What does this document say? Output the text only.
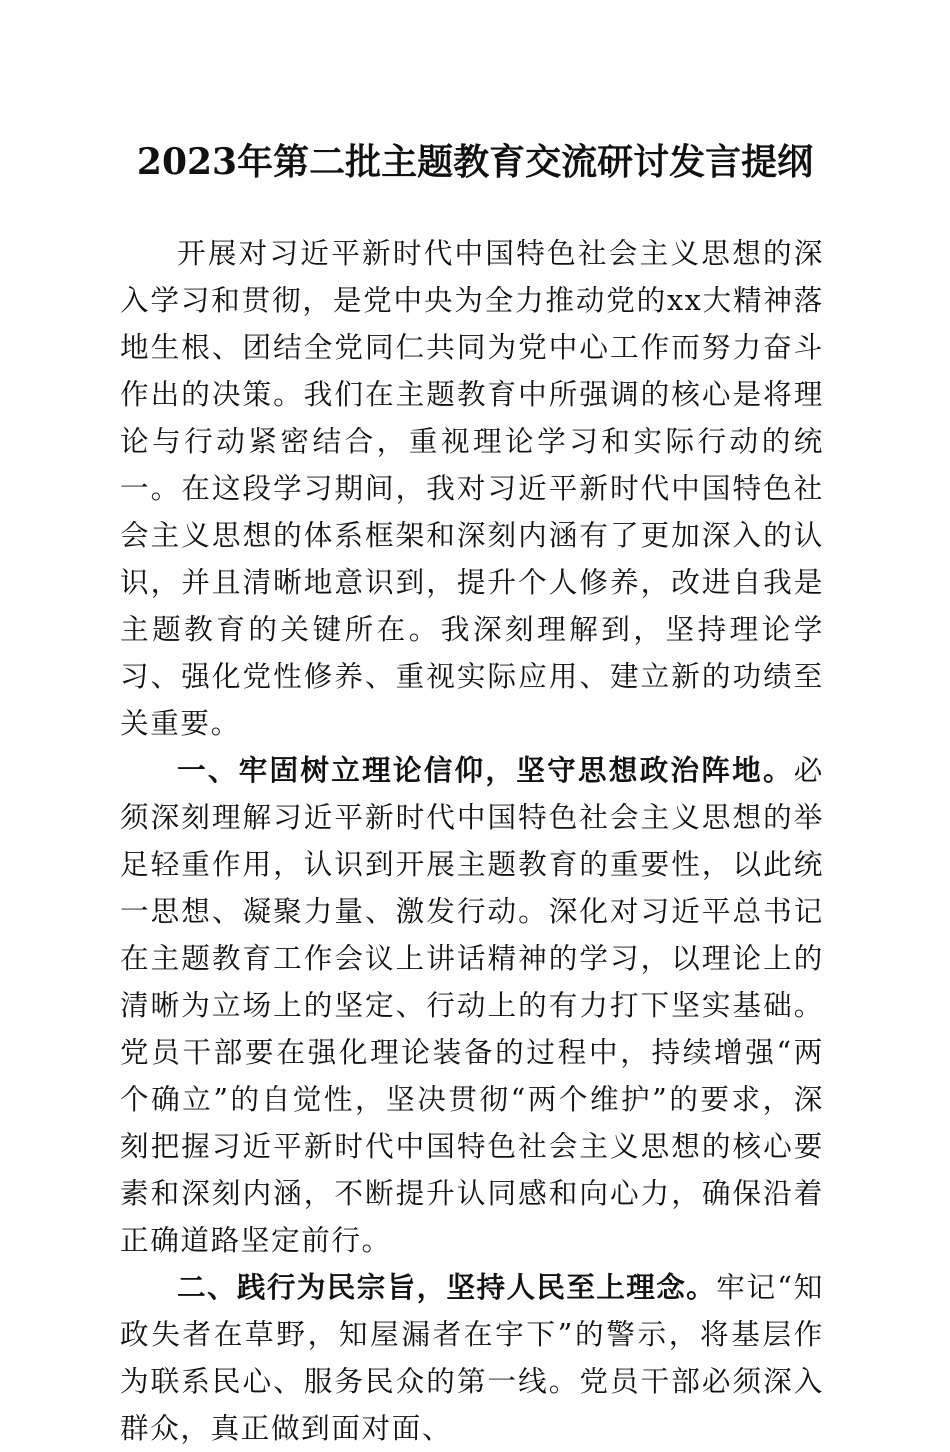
2023年第二批主题教育交流研讨发言提纲

开展对习近平新时代中国特色社会主义思想的深入学习和贯彻，是党中央为全力推动党的xx大精神落地生根、团结全党同仁共同为党中心工作而努力奋斗作出的决策。我们在主题教育中所强调的核心是将理论与行动紧密结合，重视理论学习和实际行动的统一。在这段学习期间，我对习近平新时代中国特色社会主义思想的体系框架和深刻内涵有了更加深入的认识，并且清晰地意识到，提升个人修养，改进自我是主题教育的关键所在。我深刻理解到，坚持理论学习、强化党性修养、重视实际应用、建立新的功绩至关重要。

一、牢固树立理论信仰，坚守思想政治阵地。必须深刻理解习近平新时代中国特色社会主义思想的举足轻重作用，认识到开展主题教育的重要性，以此统一思想、凝聚力量、激发行动。深化对习近平总书记在主题教育工作会议上讲话精神的学习，以理论上的清晰为立场上的坚定、行动上的有力打下坚实基础。党员干部要在强化理论装备的过程中，持续增强“两个确立”的自觉性，坚决贯彻“两个维护”的要求，深刻把握习近平新时代中国特色社会主义思想的核心要素和深刻内涵，不断提升认同感和向心力，确保沿着正确道路坚定前行。

二、践行为民宗旨，坚持人民至上理念。牢记“知政失者在草野，知屋漏者在宇下”的警示，将基层作为联系民心、服务民众的第一线。党员干部必须深入群众，真正做到面对面、
